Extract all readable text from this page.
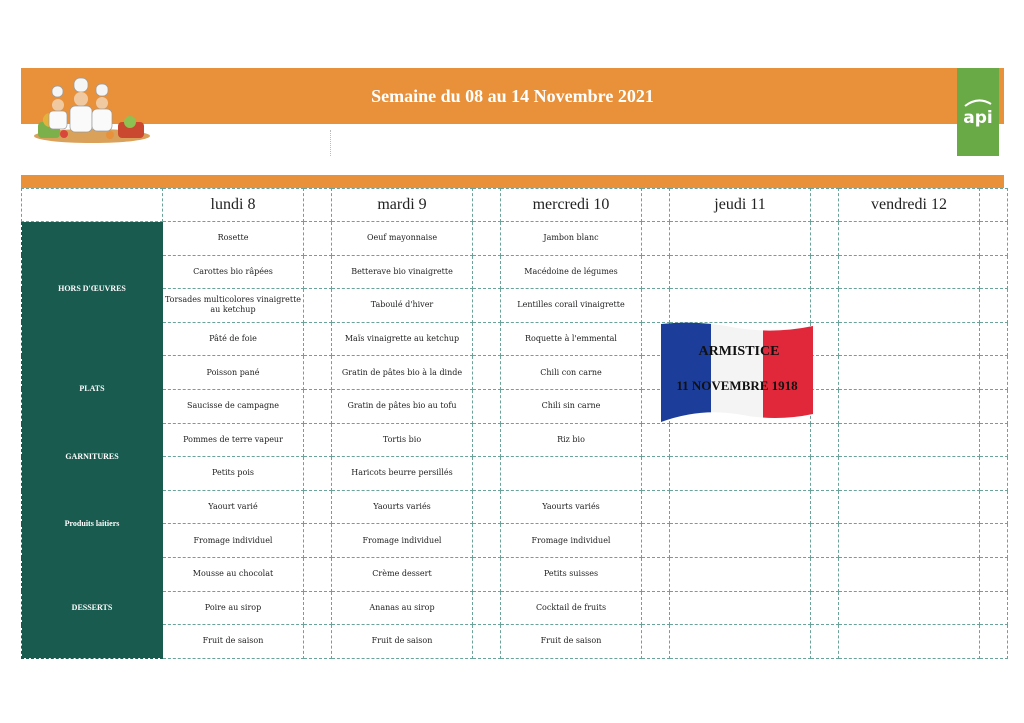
Semaine du 08 au 14 Novembre 2021
api
	lundi 8		mardi 9		mercredi 10		jeudi 11		vendredi 12	
HORS D'ŒUVRES	Rosette		Oeuf mayonnaise		Jambon blanc					
	Carottes bio râpées		Betterave bio vinaigrette		Macédoine de légumes					
	Torsades multicolores vinaigrette au ketchup		Taboulé d'hiver		Lentilles corail vinaigrette					
	Pâté de foie		Maïs vinaigrette au ketchup		Roquette à l'emmental					
PLATS	Poisson pané		Gratin de pâtes bio à la dinde		Chili con carne					
	Saucisse de campagne		Gratin de pâtes bio au tofu		Chili sin carne					
GARNITURES	Pommes de terre vapeur		Tortis bio		Riz bio					
	Petits pois		Haricots beurre persillés							
Produits laitiers	Yaourt varié		Yaourts variés		Yaourts variés					
	Fromage individuel		Fromage individuel		Fromage individuel					
DESSERTS	Mousse au chocolat		Crème dessert		Petits suisses					
	Poire au sirop		Ananas au sirop		Cocktail de fruits					
	Fruit de saison		Fruit de saison		Fruit de saison					
ARMISTICE
11 NOVEMBRE 1918
